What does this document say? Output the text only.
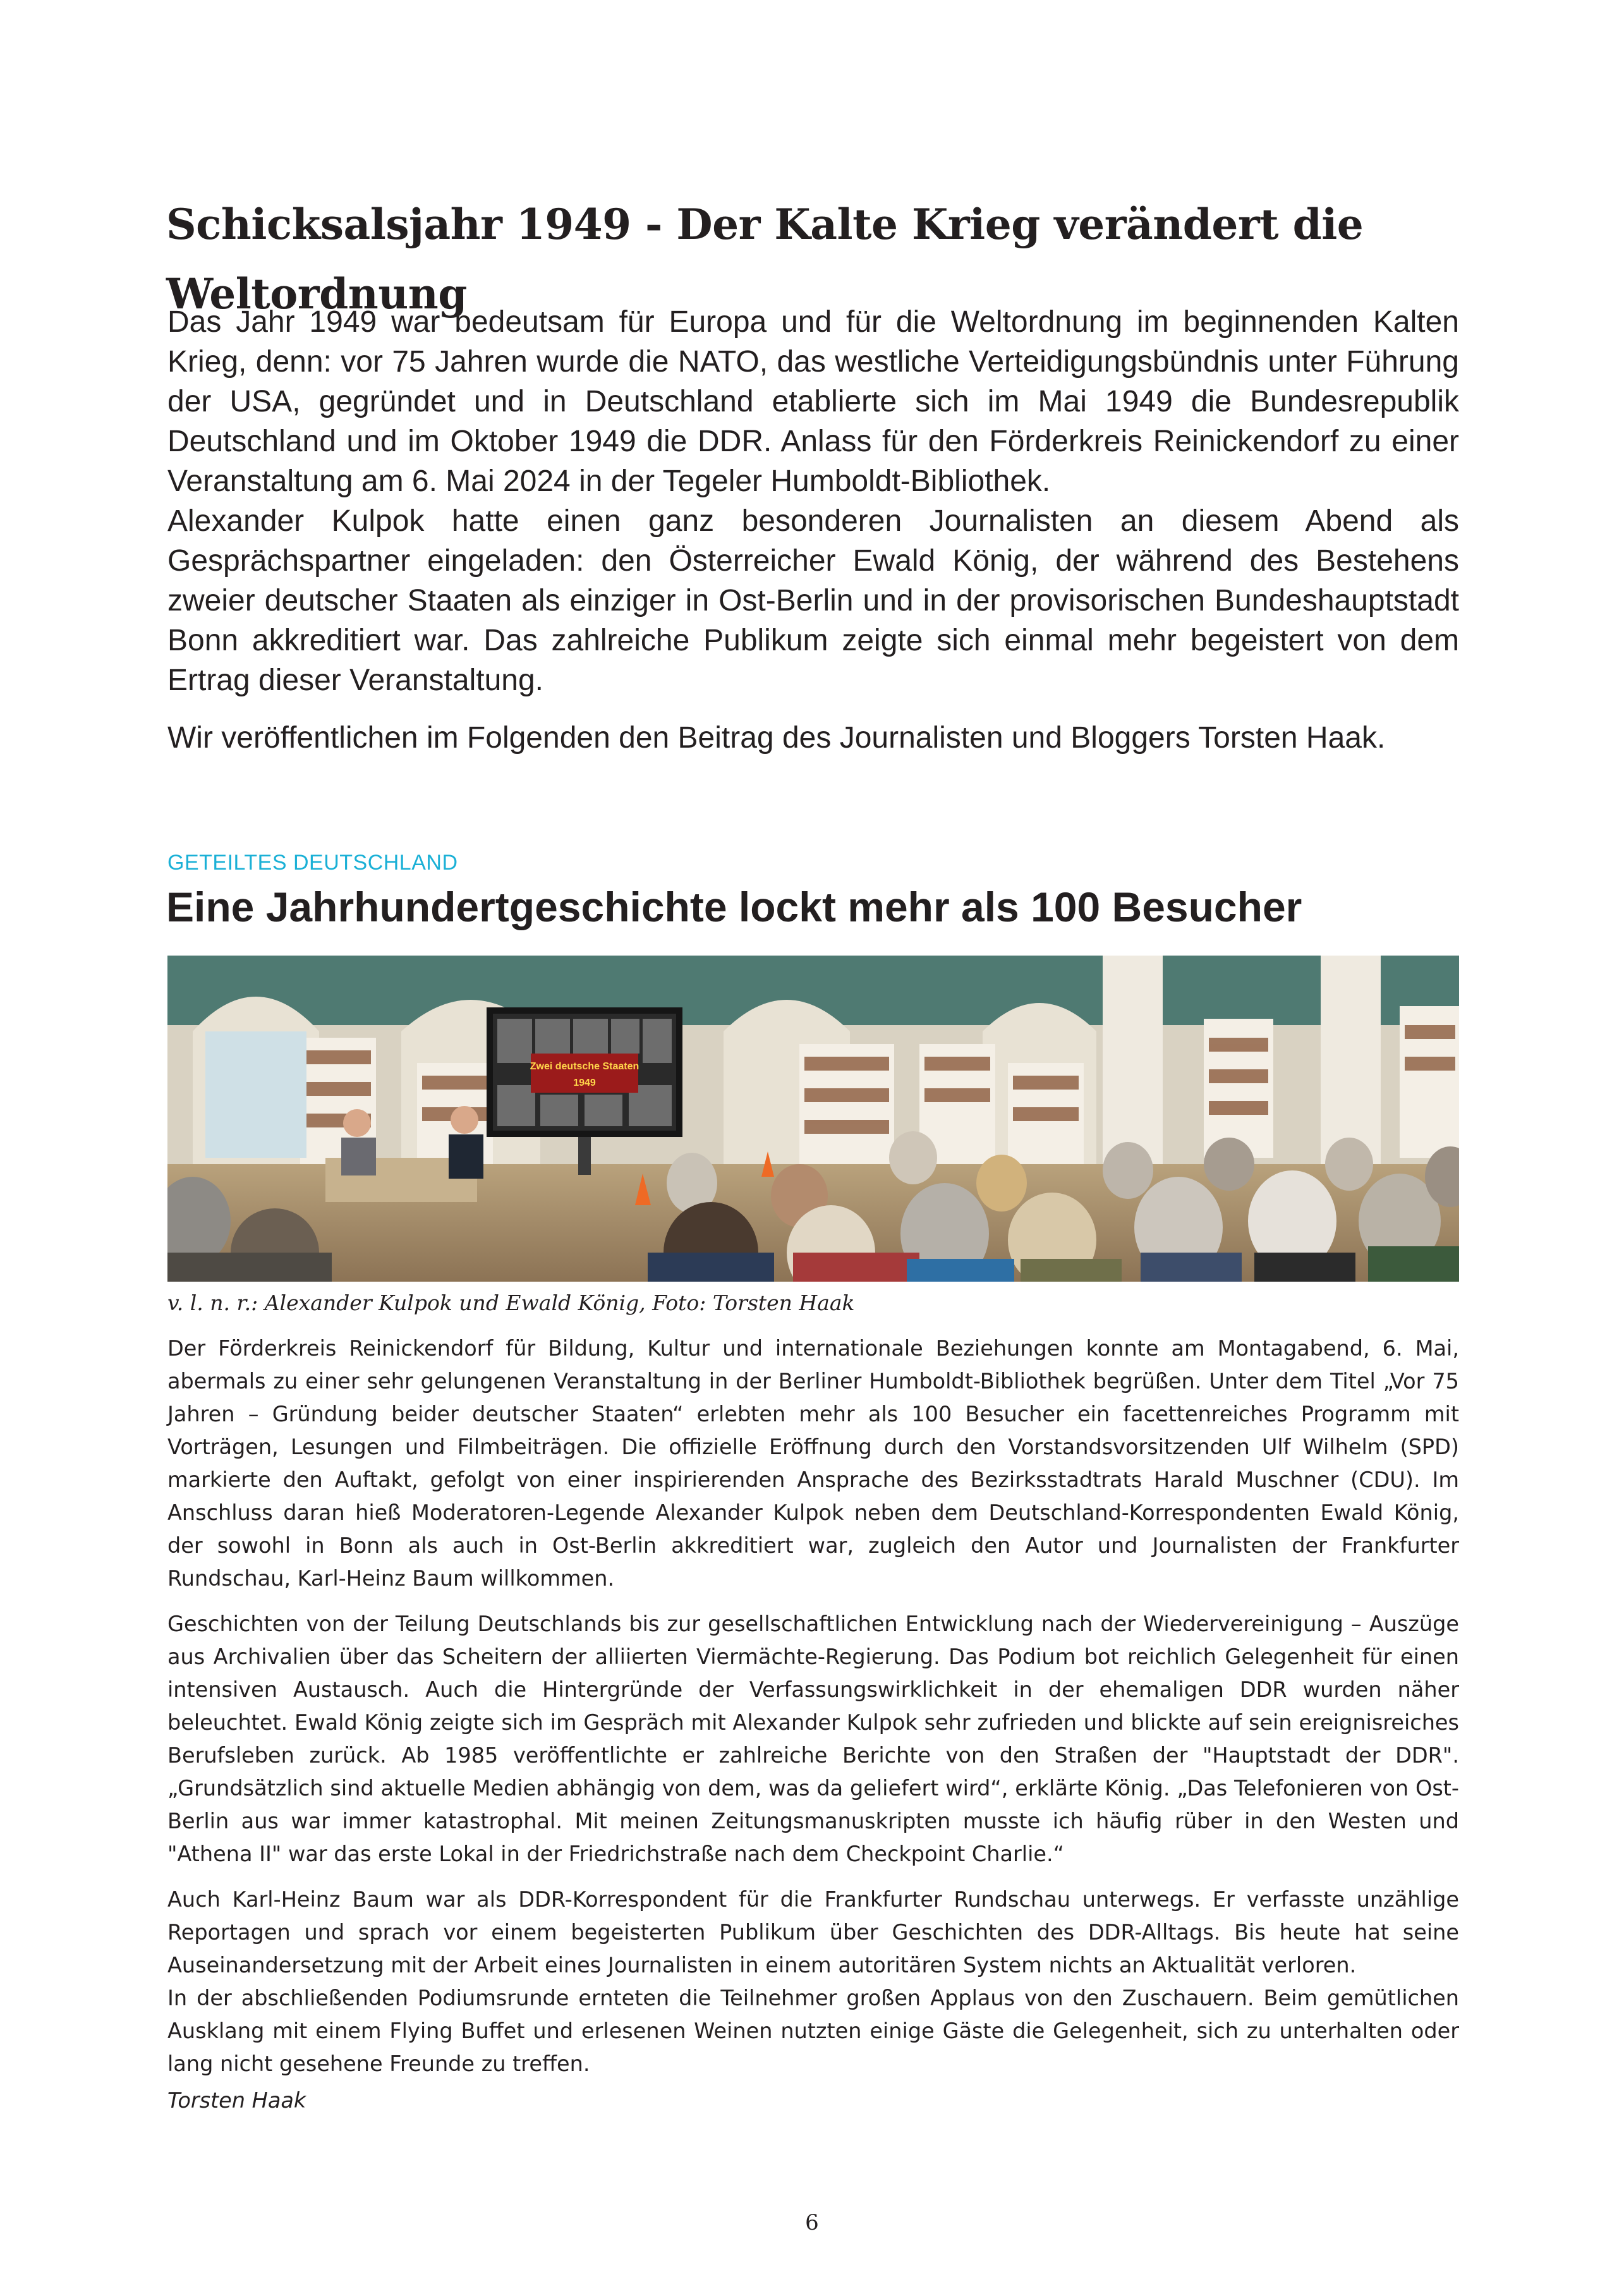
Schicksalsjahr 1949 - Der Kalte Krieg verändert die Weltordnung

Das Jahr 1949 war bedeutsam für Europa und für die Weltordnung im beginnenden Kalten Krieg, denn: vor 75 Jahren wurde die NATO, das westliche Verteidigungsbündnis unter Führung der USA, gegründet und in Deutschland etablierte sich im Mai 1949 die Bundesrepublik Deutschland und im Oktober 1949 die DDR. Anlass für den Förderkreis Reinickendorf zu einer Veranstaltung am 6. Mai 2024 in der Tegeler Humboldt-Bibliothek.

Alexander Kulpok hatte einen ganz besonderen Journalisten an diesem Abend als Gesprächspartner eingeladen: den Österreicher Ewald König, der während des Bestehens zweier deutscher Staaten als einziger in Ost-Berlin und in der provisorischen Bundeshauptstadt Bonn akkreditiert war. Das zahlreiche Publikum zeigte sich einmal mehr begeistert von dem Ertrag dieser Veranstaltung.

Wir veröffentlichen im Folgenden den Beitrag des Journalisten und Bloggers Torsten Haak.

GETEILTES DEUTSCHLAND
Eine Jahrhundertgeschichte lockt mehr als 100 Besucher
Zwei deutsche Staaten
1949
v. l. n. r.: Alexander Kulpok und Ewald König, Foto: Torsten Haak

Der Förderkreis Reinickendorf für Bildung, Kultur und internationale Beziehungen konnte am Montagabend, 6. Mai, abermals zu einer sehr gelungenen Veranstaltung in der Berliner Humboldt-Bibliothek begrüßen. Unter dem Titel „Vor 75 Jahren – Gründung beider deutscher Staaten“ erlebten mehr als 100 Besucher ein facettenreiches Programm mit Vorträgen, Lesungen und Filmbeiträgen. Die offizielle Eröffnung durch den Vorstandsvorsitzenden Ulf Wilhelm (SPD) markierte den Auftakt, gefolgt von einer inspirierenden Ansprache des Bezirksstadtrats Harald Muschner (CDU). Im Anschluss daran hieß Moderatoren-Legende Alexander Kulpok neben dem Deutschland-Korrespondenten Ewald König, der sowohl in Bonn als auch in Ost-Berlin akkreditiert war, zugleich den Autor und Journalisten der Frankfurter Rundschau, Karl-Heinz Baum willkommen.

Geschichten von der Teilung Deutschlands bis zur gesellschaftlichen Entwicklung nach der Wiedervereinigung – Auszüge aus Archivalien über das Scheitern der alliierten Viermächte-Regierung. Das Podium bot reichlich Gelegenheit für einen intensiven Austausch. Auch die Hintergründe der Verfassungswirklichkeit in der ehemaligen DDR wurden näher beleuchtet. Ewald König zeigte sich im Gespräch mit Alexander Kulpok sehr zufrieden und blickte auf sein ereignisreiches Berufsleben zurück. Ab 1985 veröffentlichte er zahlreiche Berichte von den Straßen der "Hauptstadt der DDR". „Grundsätzlich sind aktuelle Medien abhängig von dem, was da geliefert wird“, erklärte König. „Das Telefonieren von Ost-Berlin aus war immer katastrophal. Mit meinen Zeitungsmanuskripten musste ich häufig rüber in den Westen und "Athena II" war das erste Lokal in der Friedrichstraße nach dem Checkpoint Charlie.“

Auch Karl-Heinz Baum war als DDR-Korrespondent für die Frankfurter Rundschau unterwegs. Er verfasste unzählige Reportagen und sprach vor einem begeisterten Publikum über Geschichten des DDR-Alltags. Bis heute hat seine Auseinandersetzung mit der Arbeit eines Journalisten in einem autoritären System nichts an Aktualität verloren.

In der abschließenden Podiumsrunde ernteten die Teilnehmer großen Applaus von den Zuschauern. Beim gemütlichen Ausklang mit einem Flying Buffet und erlesenen Weinen nutzten einige Gäste die Gelegenheit, sich zu unterhalten oder lang nicht gesehene Freunde zu treffen.

Torsten Haak

6
